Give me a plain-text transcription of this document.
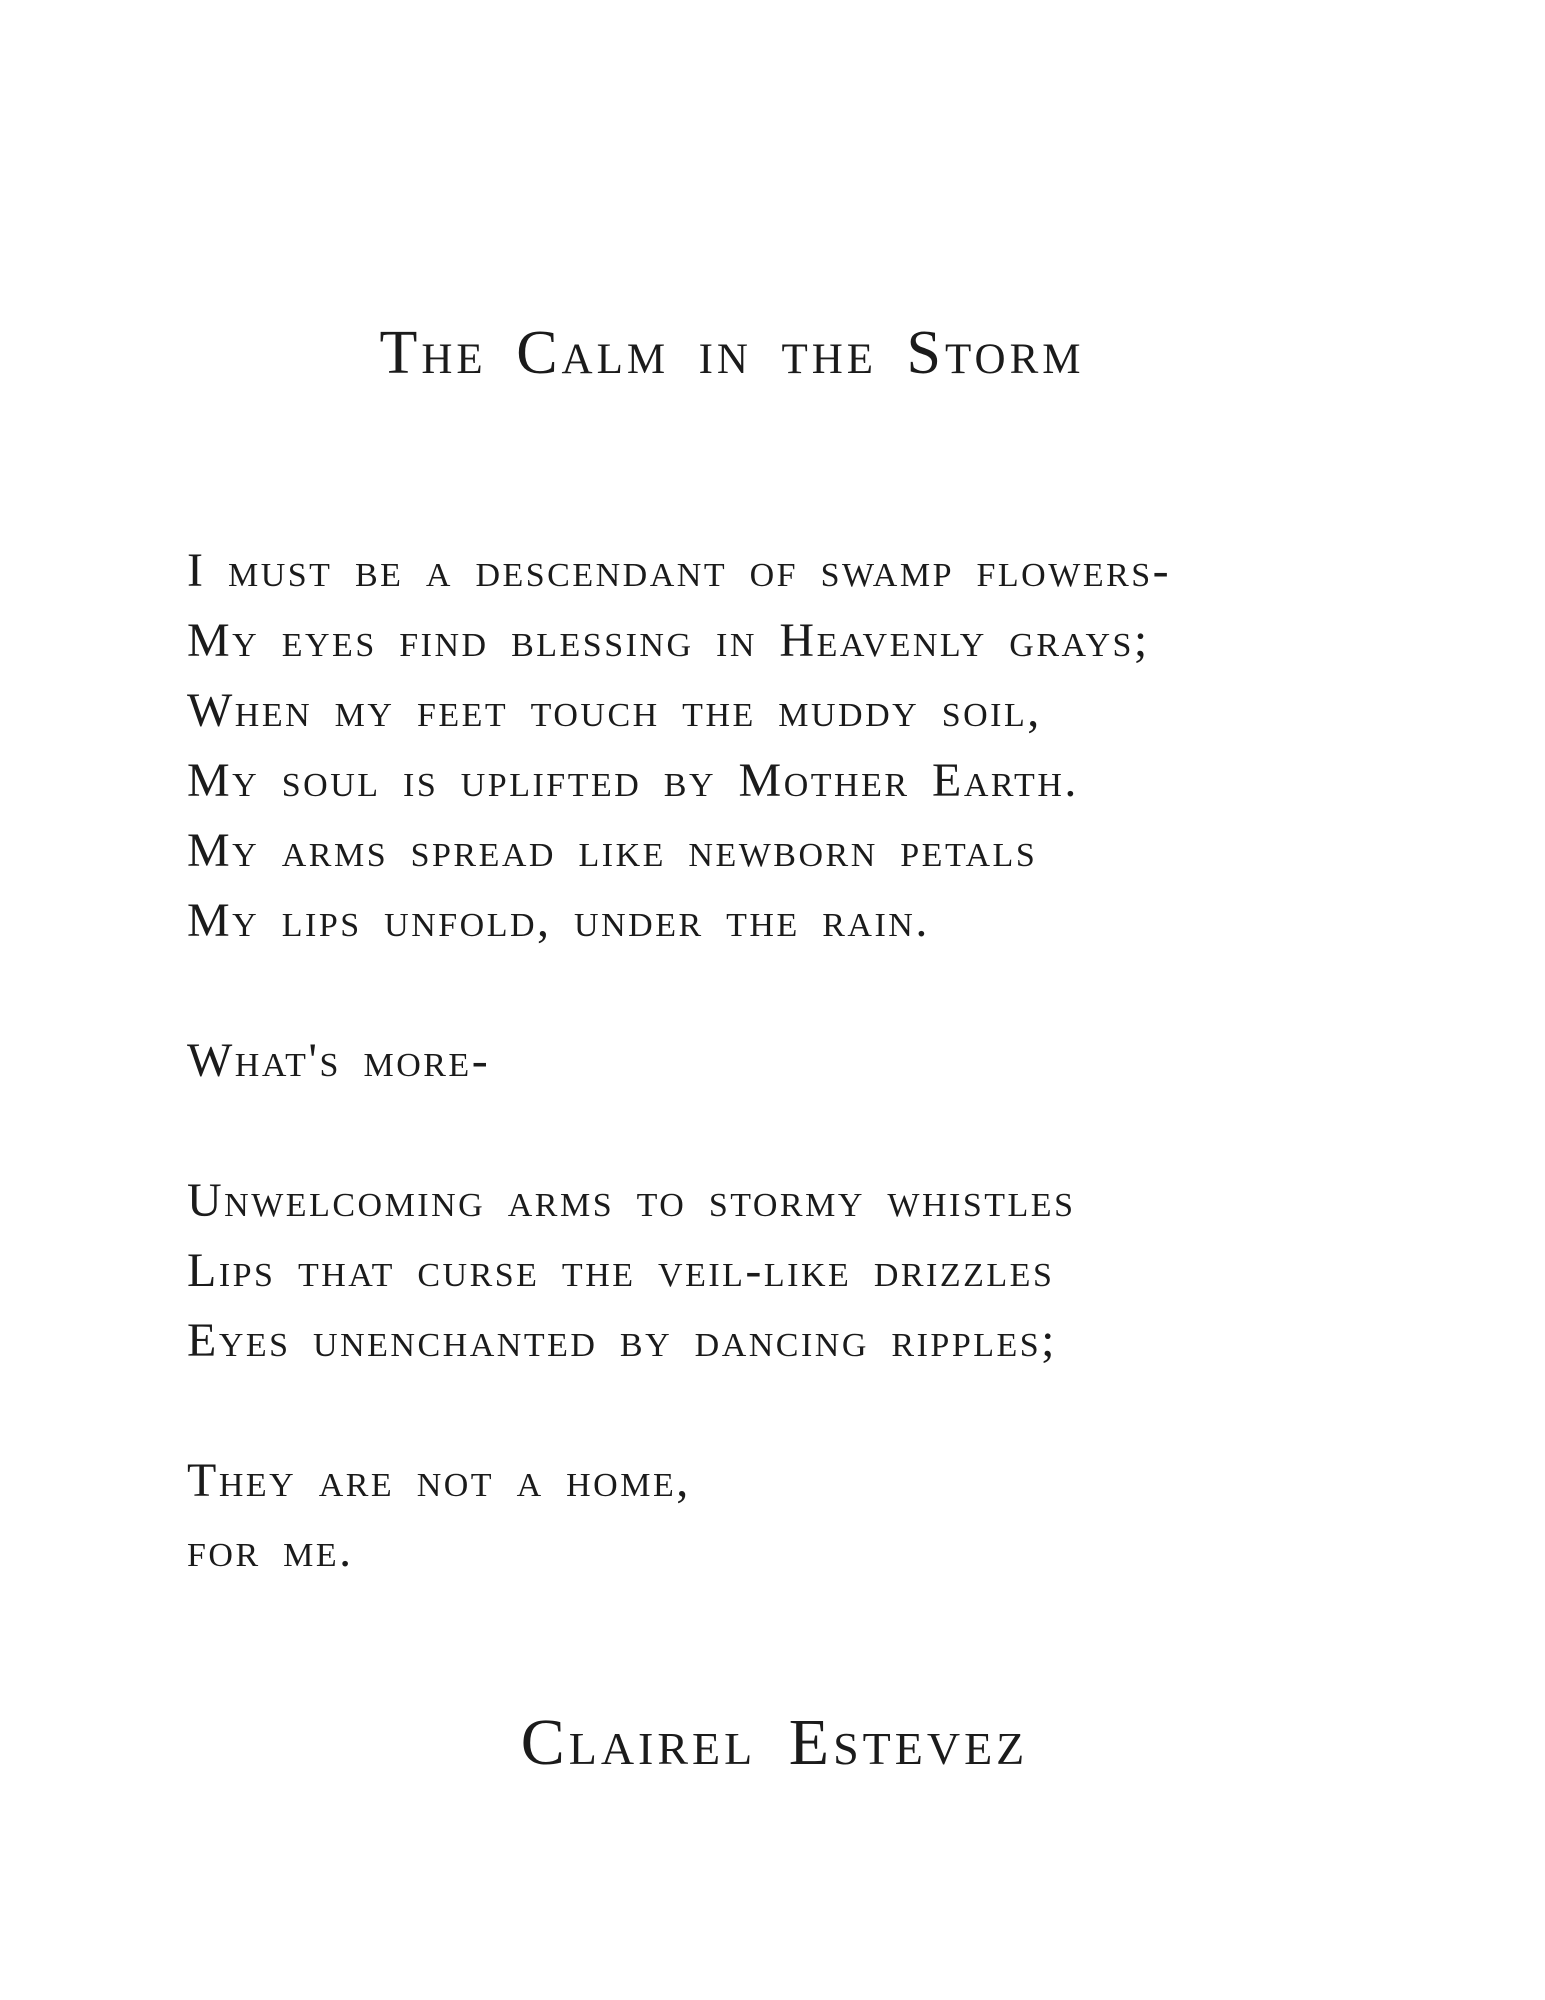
The Calm in the Storm
I must be a descendant of swamp flowers-
My eyes find blessing in Heavenly grays;
When my feet touch the muddy soil,
My soul is uplifted by Mother Earth.
My arms spread like newborn petals
My lips unfold, under the rain.
What's more-
Unwelcoming arms to stormy whistles
Lips that curse the veil-like drizzles
Eyes unenchanted by dancing ripples;
They are not a home,
for me.
Clairel Estevez
